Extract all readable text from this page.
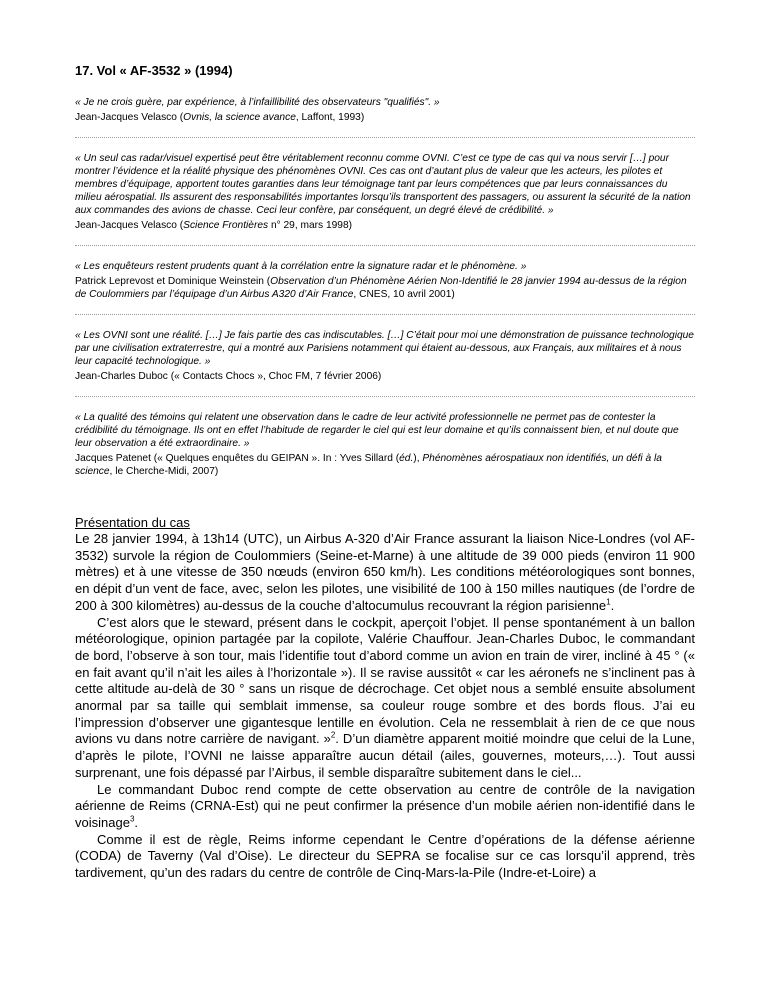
17. Vol « AF-3532 » (1994)

« Je ne crois guère, par expérience, à l’infaillibilité des observateurs "qualifiés". »

Jean-Jacques Velasco (Ovnis, la science avance, Laffont, 1993)

« Un seul cas radar/visuel expertisé peut être véritablement reconnu comme OVNI. C’est ce type de cas qui va nous servir […] pour montrer l’évidence et la réalité physique des phénomènes OVNI. Ces cas ont d’autant plus de valeur que les acteurs, les pilotes et membres d’équipage, apportent toutes garanties dans leur témoignage tant par leurs compétences que par leurs connaissances du milieu aérospatial. Ils assurent des responsabilités importantes lorsqu’ils transportent des passagers, ou assurent la sécurité de la nation aux commandes des avions de chasse. Ceci leur confère, par conséquent, un degré élevé de crédibilité. »

Jean-Jacques Velasco (Science Frontières n° 29, mars 1998)

« Les enquêteurs restent prudents quant à la corrélation entre la signature radar et le phénomène. »

Patrick Leprevost et Dominique Weinstein (Observation d’un Phénomène Aérien Non-Identifié le 28 janvier 1994 au-dessus de la région de Coulommiers par l’équipage d’un Airbus A320 d’Air France, CNES, 10 avril 2001)

« Les OVNI sont une réalité. […] Je fais partie des cas indiscutables. […] C’était pour moi une démonstration de puissance technologique par une civilisation extraterrestre, qui a montré aux Parisiens notamment qui étaient au-dessous, aux Français, aux militaires et à nous leur capacité technologique. »

Jean-Charles Duboc (« Contacts Chocs », Choc FM, 7 février 2006)

« La qualité des témoins qui relatent une observation dans le cadre de leur activité professionnelle ne permet pas de contester la crédibilité du témoignage. Ils ont en effet l’habitude de regarder le ciel qui est leur domaine et qu’ils connaissent bien, et nul doute que leur observation a été extraordinaire. »

Jacques Patenet (« Quelques enquêtes du GEIPAN ». In : Yves Sillard (éd.), Phénomènes aérospatiaux non identifiés, un défi à la science, le Cherche-Midi, 2007)

Présentation du cas

Le 28 janvier 1994, à 13h14 (UTC), un Airbus A-320 d’Air France assurant la liaison Nice-Londres (vol AF-3532) survole la région de Coulommiers (Seine-et-Marne) à une altitude de 39 000 pieds (environ 11 900 mètres) et à une vitesse de 350 nœuds (environ 650 km/h). Les conditions météorologiques sont bonnes, en dépit d’un vent de face, avec, selon les pilotes, une visibilité de 100 à 150 milles nautiques (de l’ordre de 200 à 300 kilomètres) au-dessus de la couche d’altocumulus recouvrant la région parisienne$^1$.

C’est alors que le steward, présent dans le cockpit, aperçoit l’objet. Il pense spontanément à un ballon météorologique, opinion partagée par la copilote, Valérie Chauffour. Jean-Charles Duboc, le commandant de bord, l’observe à son tour, mais l’identifie tout d’abord comme un avion en train de virer, incliné à 45 ° (« en fait avant qu’il n’ait les ailes à l’horizontale »). Il se ravise aussitôt « car les aéronefs ne s’inclinent pas à cette altitude au-delà de 30 ° sans un risque de décrochage. Cet objet nous a semblé ensuite absolument anormal par sa taille qui semblait immense, sa couleur rouge sombre et des bords flous. J’ai eu l’impression d’observer une gigantesque lentille en évolution. Cela ne ressemblait à rien de ce que nous avions vu dans notre carrière de navigant. »$^2$. D’un diamètre apparent moitié moindre que celui de la Lune, d’après le pilote, l’OVNI ne laisse apparaître aucun détail (ailes, gouvernes, moteurs,…). Tout aussi surprenant, une fois dépassé par l’Airbus, il semble disparaître subitement dans le ciel...

Le commandant Duboc rend compte de cette observation au centre de contrôle de la navigation aérienne de Reims (CRNA-Est) qui ne peut confirmer la présence d’un mobile aérien non-identifié dans le voisinage$^3$.

Comme il est de règle, Reims informe cependant le Centre d’opérations de la défense aérienne (CODA) de Taverny (Val d’Oise). Le directeur du SEPRA se focalise sur ce cas lorsqu’il apprend, très tardivement, qu’un des radars du centre de contrôle de Cinq-Mars-la-Pile (Indre-et-Loire) a
